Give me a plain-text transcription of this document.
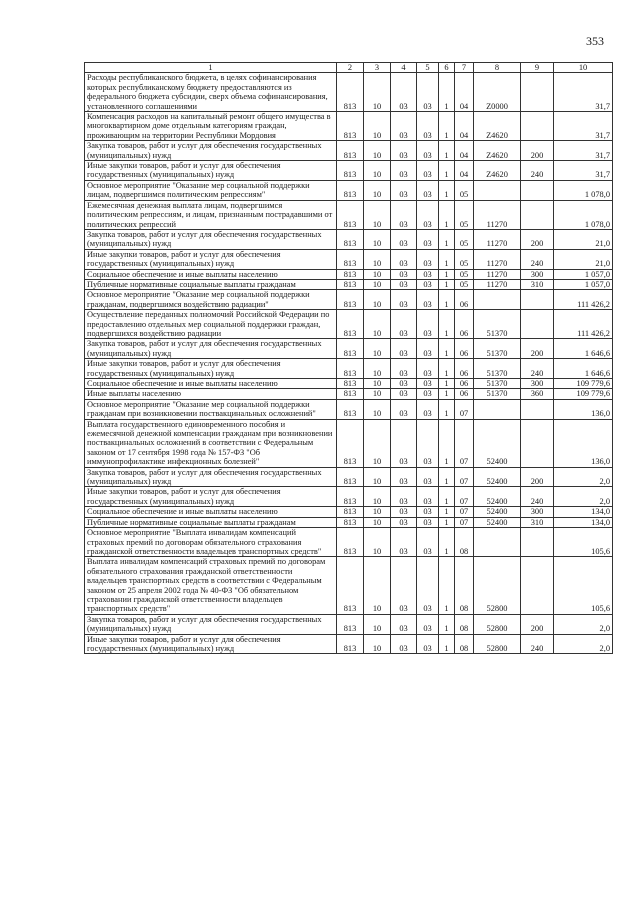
353
1	2	3	4	5	6	7	8	9	10
Расходы республиканского бюджета, в целях софинансирования которых республиканскому бюджету предоставляются из федерального бюджета субсидии, сверх объема софинансирования, установленного соглашениями	813	10	03	03	1	04	Z0000		31,7
Компенсация расходов на капитальный ремонт общего имущества в многоквартирном доме отдельным категориям граждан, проживающим на территории Республики Мордовия	813	10	03	03	1	04	Z4620		31,7
Закупка товаров, работ и услуг для обеспечения государственных (муниципальных) нужд	813	10	03	03	1	04	Z4620	200	31,7
Иные закупки товаров, работ и услуг для обеспечения государственных (муниципальных) нужд	813	10	03	03	1	04	Z4620	240	31,7
Основное мероприятие "Оказание мер социальной поддержки лицам, подвергшимся политическим репрессиям"	813	10	03	03	1	05			1 078,0
Ежемесячная денежная выплата лицам, подвергшимся политическим репрессиям, и лицам, признанным пострадавшими от политических репрессий	813	10	03	03	1	05	11270		1 078,0
Закупка товаров, работ и услуг для обеспечения государственных (муниципальных) нужд	813	10	03	03	1	05	11270	200	21,0
Иные закупки товаров, работ и услуг для обеспечения государственных (муниципальных) нужд	813	10	03	03	1	05	11270	240	21,0
Социальное обеспечение и иные выплаты населению	813	10	03	03	1	05	11270	300	1 057,0
Публичные нормативные социальные выплаты гражданам	813	10	03	03	1	05	11270	310	1 057,0
Основное мероприятие "Оказание мер социальной поддержки гражданам, подвергшимся воздействию радиации"	813	10	03	03	1	06			111 426,2
Осуществление переданных полномочий Российской Федерации по предоставлению отдельных мер социальной поддержки граждан, подвергшихся воздействию радиации	813	10	03	03	1	06	51370		111 426,2
Закупка товаров, работ и услуг для обеспечения государственных (муниципальных) нужд	813	10	03	03	1	06	51370	200	1 646,6
Иные закупки товаров, работ и услуг для обеспечения государственных (муниципальных) нужд	813	10	03	03	1	06	51370	240	1 646,6
Социальное обеспечение и иные выплаты населению	813	10	03	03	1	06	51370	300	109 779,6
Иные выплаты населению	813	10	03	03	1	06	51370	360	109 779,6
Основное мероприятие "Оказание мер социальной поддержки гражданам при возникновении поствакцинальных осложнений"	813	10	03	03	1	07			136,0
Выплата государственного единовременного пособия и ежемесячной денежной компенсации гражданам при возникновении поствакцинальных осложнений в соответствии с Федеральным законом от 17 сентября 1998 года № 157-ФЗ "Об иммунопрофилактике инфекционных болезней"	813	10	03	03	1	07	52400		136,0
Закупка товаров, работ и услуг для обеспечения государственных (муниципальных) нужд	813	10	03	03	1	07	52400	200	2,0
Иные закупки товаров, работ и услуг для обеспечения государственных (муниципальных) нужд	813	10	03	03	1	07	52400	240	2,0
Социальное обеспечение и иные выплаты населению	813	10	03	03	1	07	52400	300	134,0
Публичные нормативные социальные выплаты гражданам	813	10	03	03	1	07	52400	310	134,0
Основное мероприятие "Выплата инвалидам компенсаций страховых премий по договорам обязательного страхования гражданской ответственности владельцев транспортных средств"	813	10	03	03	1	08			105,6
Выплата инвалидам компенсаций страховых премий по договорам обязательного страхования гражданской ответственности владельцев транспортных средств в соответствии с Федеральным законом от 25 апреля 2002 года № 40-ФЗ "Об обязательном страховании гражданской ответственности владельцев транспортных средств"	813	10	03	03	1	08	52800		105,6
Закупка товаров, работ и услуг для обеспечения государственных (муниципальных) нужд	813	10	03	03	1	08	52800	200	2,0
Иные закупки товаров, работ и услуг для обеспечения государственных (муниципальных) нужд	813	10	03	03	1	08	52800	240	2,0
